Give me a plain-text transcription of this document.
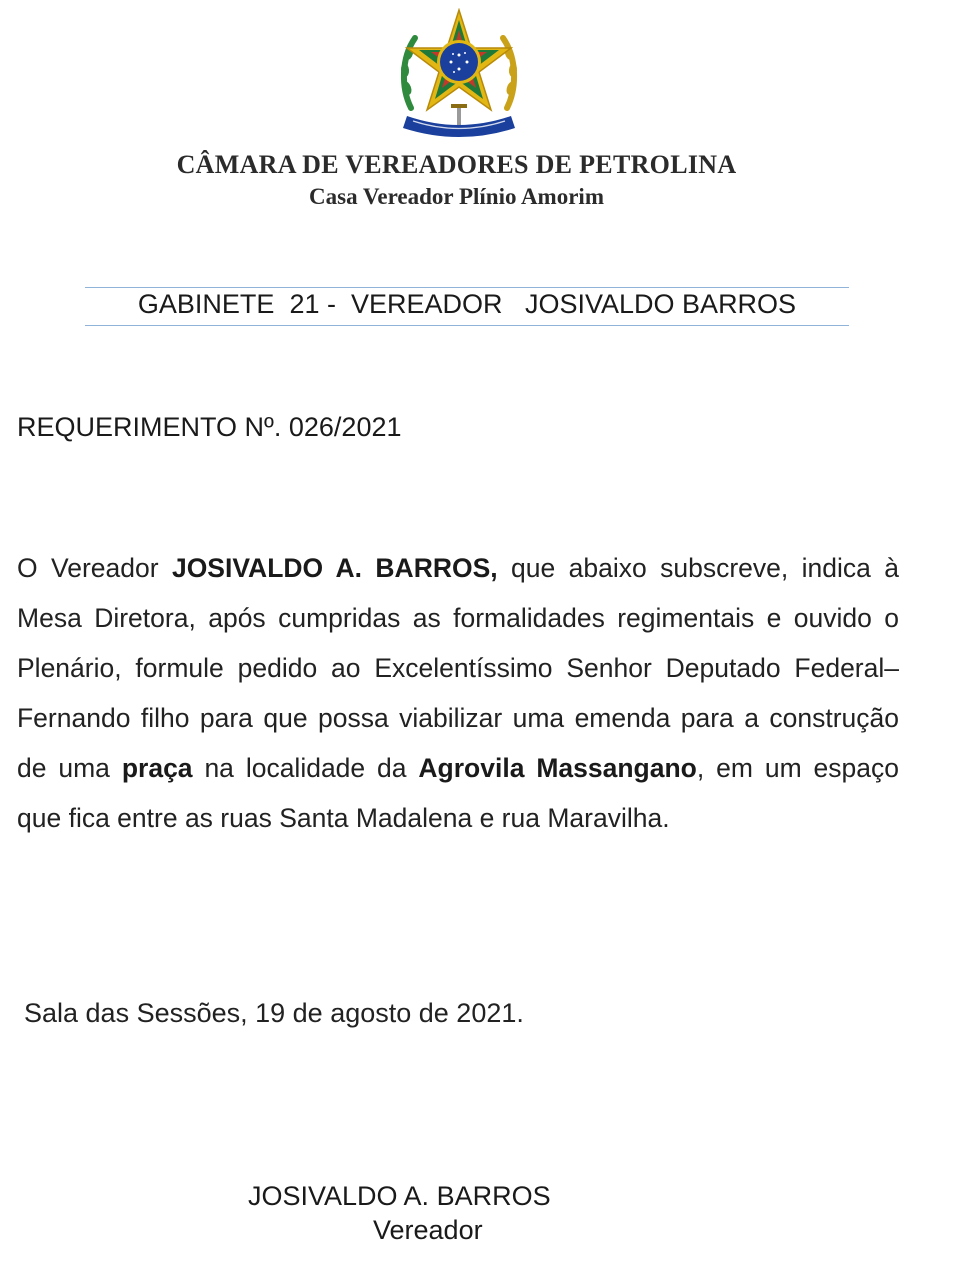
CÂMARA DE VEREADORES DE PETROLINA

Casa Vereador Plínio Amorim

GABINETE  21 -  VEREADOR   JOSIVALDO BARROS

REQUERIMENTO Nº. 026/2021

O Vereador JOSIVALDO A. BARROS, que abaixo subscreve, indica à Mesa Diretora, após cumpridas as formalidades regimentais e ouvido o Plenário, formule pedido ao Excelentíssimo Senhor Deputado Federal– Fernando filho para que possa viabilizar uma emenda para a construção de uma praça na localidade da Agrovila Massangano, em um espaço que fica entre as ruas Santa Madalena e rua Maravilha.

Sala das Sessões, 19 de agosto de 2021.

JOSIVALDO A. BARROS

Vereador
